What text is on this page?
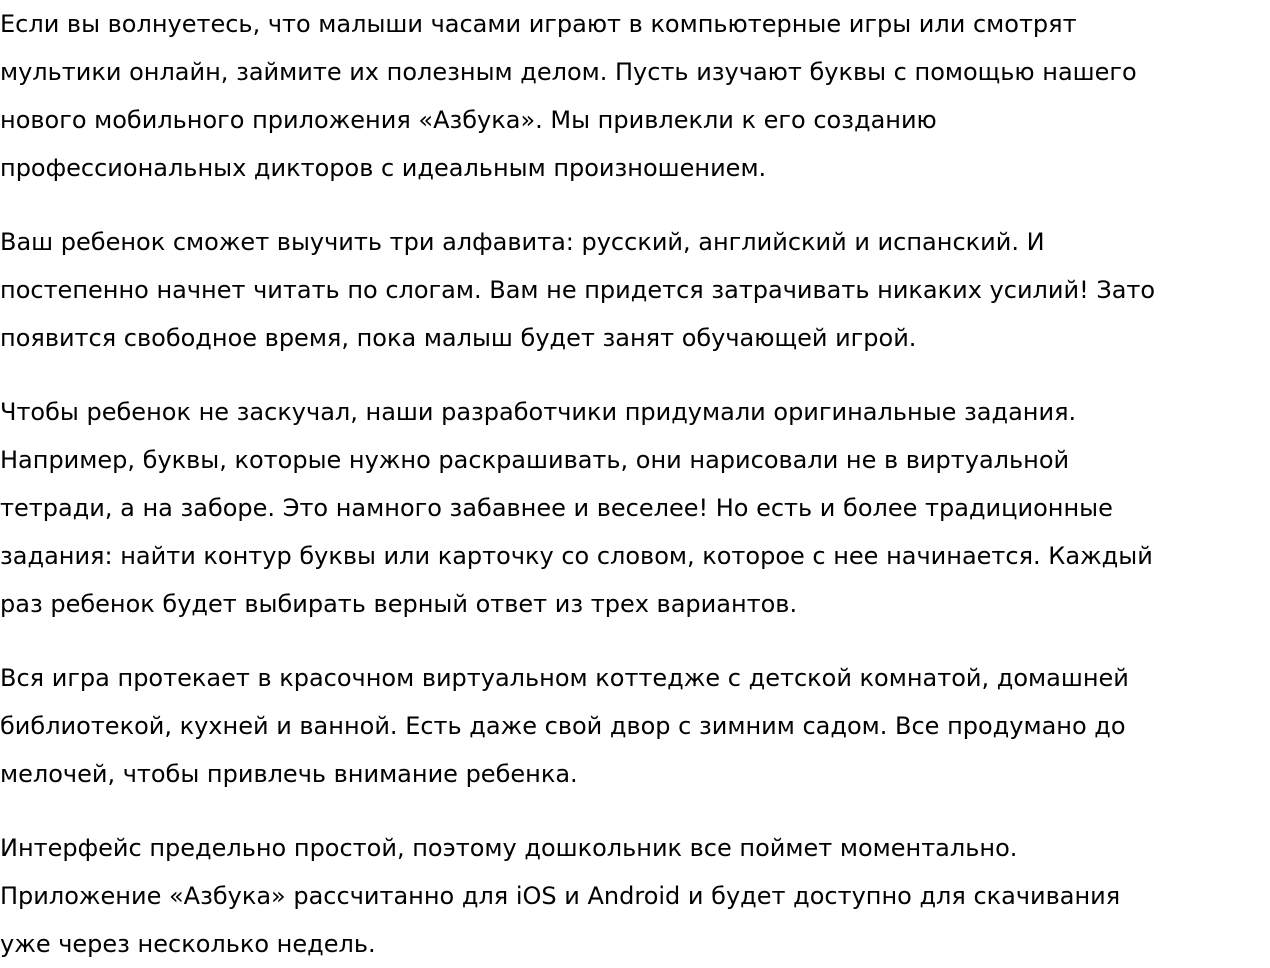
Если вы волнуетесь, что малыши часами играют в компьютерные игры или смотрят
мультики онлайн, займите их полезным делом. Пусть изучают буквы с помощью нашего
нового мобильного приложения «Азбука». Мы привлекли к его созданию
профессиональных дикторов с идеальным произношением.

Ваш ребенок сможет выучить три алфавита: русский, английский и испанский. И
постепенно начнет читать по слогам. Вам не придется затрачивать никаких усилий! Зато
появится свободное время, пока малыш будет занят обучающей игрой.

Чтобы ребенок не заскучал, наши разработчики придумали оригинальные задания.
Например, буквы, которые нужно раскрашивать, они нарисовали не в виртуальной
тетради, а на заборе. Это намного забавнее и веселее! Но есть и более традиционные
задания: найти контур буквы или карточку со словом, которое с нее начинается. Каждый
раз ребенок будет выбирать верный ответ из трех вариантов.

Вся игра протекает в красочном виртуальном коттедже с детской комнатой, домашней
библиотекой, кухней и ванной. Есть даже свой двор с зимним садом. Все продумано до
мелочей, чтобы привлечь внимание ребенка.

Интерфейс предельно простой, поэтому дошкольник все поймет моментально.
Приложение «Азбука» рассчитанно для iOS и Android и будет доступно для скачивания
уже через несколько недель.
